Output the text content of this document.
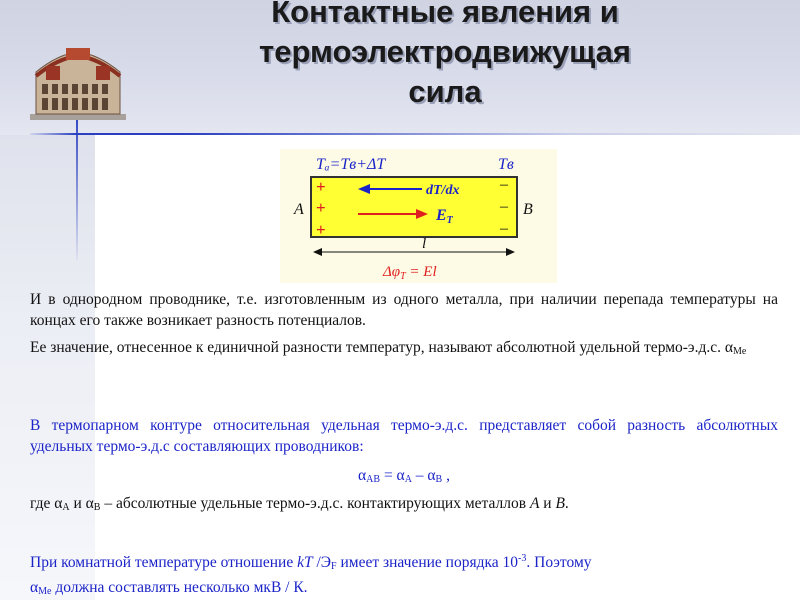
Контактные явления и
термоэлектродвижущая
сила
Tₐ=Tв+ΔT	Tв
A	B
+
+
+
–
–
–
dT/dx
ET
l
$\Delta\varphi_T = El$
И в однородном проводнике, т.е. изготовленным из одного металла, при наличии перепада температуры на концах его также возникает разность потенциалов.
Ее значение, отнесенное к единичной разности температур, называют абсолютной удельной термо-э.д.с. $\alpha_{Me}$
В термопарном контуре относительная удельная термо-э.д.с. представляет собой разность абсолютных удельных термо-э.д.с составляющих проводников:
$\alpha_{AB} = \alpha_A - \alpha_B$ ,
где $\alpha_A$ и $\alpha_B$ – абсолютные удельные термо-э.д.с. контактирующих металлов A и B.
При комнатной температуре отношение kT $/Э_F$ имеет значение порядка $10^{-3}$. Поэтому
$\alpha_{Me}$ должна составлять несколько мкВ / К.
